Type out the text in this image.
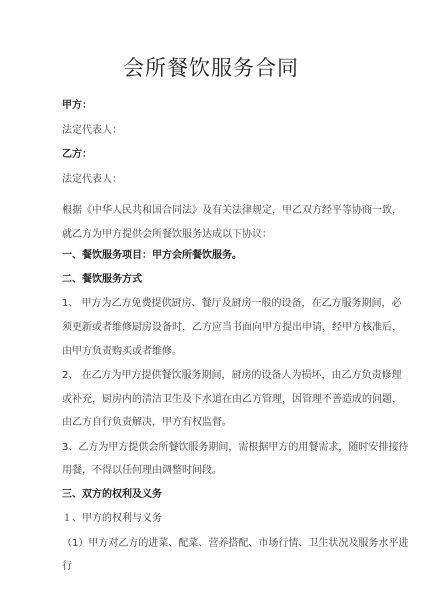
会所餐饮服务合同
甲方：
法定代表人：
乙方：
法定代表人：
根据《中华人民共和国合同法》及有关法律规定，甲乙双方经平等协商一致，
就乙方为甲方提供会所餐饮服务达成以下协议：
一、餐饮服务项目：甲方会所餐饮服务。
二、餐饮服务方式
1、 甲方为乙方免费提供厨房、餐厅及厨房一般的设备，在乙方服务期间，必
须更新或者维修厨房设备时，乙方应当书面向甲方提出申请，经甲方核准后，
由甲方负责购买或者维修。
2、 在乙方为甲方提供餐饮服务期间，厨房的设备人为损坏，由乙方负责修理
或补充，厨房内的清洁卫生及下水道在由乙方管理，因管理不善造成的问题，
由乙方自行负责解决，甲方有权监督。
3、乙方为甲方提供会所餐饮服务期间，需根据甲方的用餐需求，随时安排接待
用餐，不得以任何理由调整时间段。
三、双方的权利及义务
１、甲方的权利与义务
（1）甲方对乙方的进菜、配菜、营养搭配、市场行情、卫生状况及服务水平进
行
